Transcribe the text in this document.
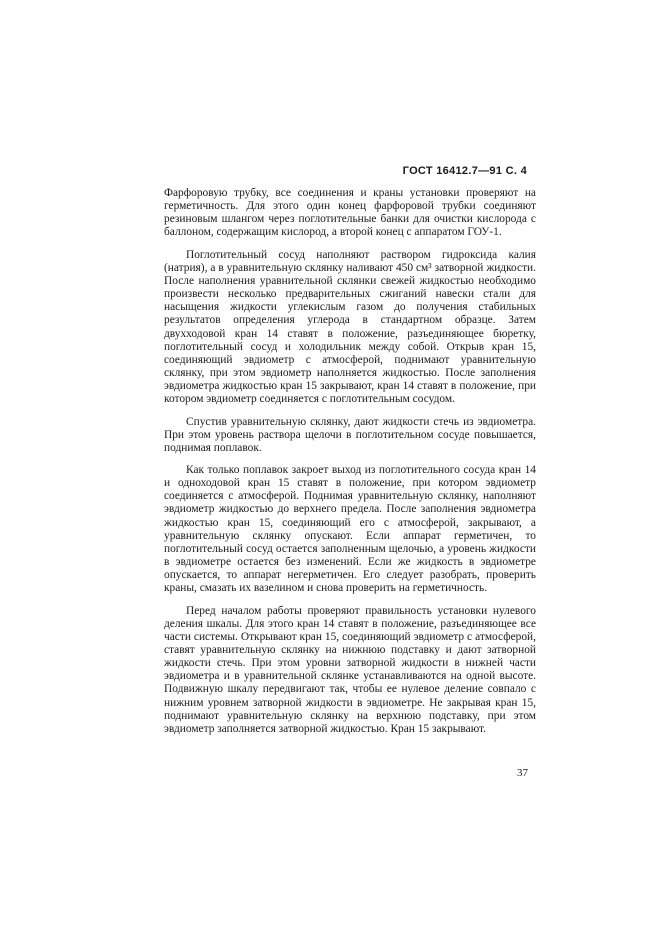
ГОСТ 16412.7—91 С. 4

Фарфоровую трубку, все соединения и краны установки проверяют на герметичность. Для этого один конец фарфоровой трубки соединяют резиновым шлангом через поглотительные банки для очистки кислорода с баллоном, содержащим кислород, а второй конец с аппаратом ГОУ-1.

Поглотительный сосуд наполняют раствором гидроксида калия (натрия), а в уравнительную склянку наливают 450 см³ затворной жидкости. После наполнения уравнительной склянки свежей жидкостью необходимо произвести несколько предварительных сжиганий навески стали для насыщения жидкости углекислым газом до получения стабильных результатов определения углерода в стандартном образце. Затем двухходовой кран 14 ставят в положение, разъединяющее бюретку, поглотительный сосуд и холодильник между собой. Открыв кран 15, соединяющий эвдиометр с атмосферой, поднимают уравнительную склянку, при этом эвдиометр наполняется жидкостью. После заполнения эвдиометра жидкостью кран 15 закрывают, кран 14 ставят в положение, при котором эвдиометр соединяется с поглотительным сосудом.

Спустив уравнительную склянку, дают жидкости стечь из эвдиометра. При этом уровень раствора щелочи в поглотительном сосуде повышается, поднимая поплавок.

Как только поплавок закроет выход из поглотительного сосуда кран 14 и одноходовой кран 15 ставят в положение, при котором эвдиометр соединяется с атмосферой. Поднимая уравнительную склянку, наполняют эвдиометр жидкостью до верхнего предела. После заполнения эвдиометра жидкостью кран 15, соединяющий его с атмосферой, закрывают, а уравнительную склянку опускают. Если аппарат герметичен, то поглотительный сосуд остается заполненным щелочью, а уровень жидкости в эвдиометре остается без изменений. Если же жидкость в эвдиометре опускается, то аппарат негерметичен. Его следует разобрать, проверить краны, смазать их вазелином и снова проверить на герметичность.

Перед началом работы проверяют правильность установки нулевого деления шкалы. Для этого кран 14 ставят в положение, разъединяющее все части системы. Открывают кран 15, соединяющий эвдиометр с атмосферой, ставят уравнительную склянку на нижнюю подставку и дают затворной жидкости стечь. При этом уровни затворной жидкости в нижней части эвдиометра и в уравнительной склянке устанавливаются на одной высоте. Подвижную шкалу передвигают так, чтобы ее нулевое деление совпало с нижним уровнем затворной жидкости в эвдиометре. Не закрывая кран 15, поднимают уравнительную склянку на верхнюю подставку, при этом эвдиометр заполняется затворной жидкостью. Кран 15 закрывают.

37
